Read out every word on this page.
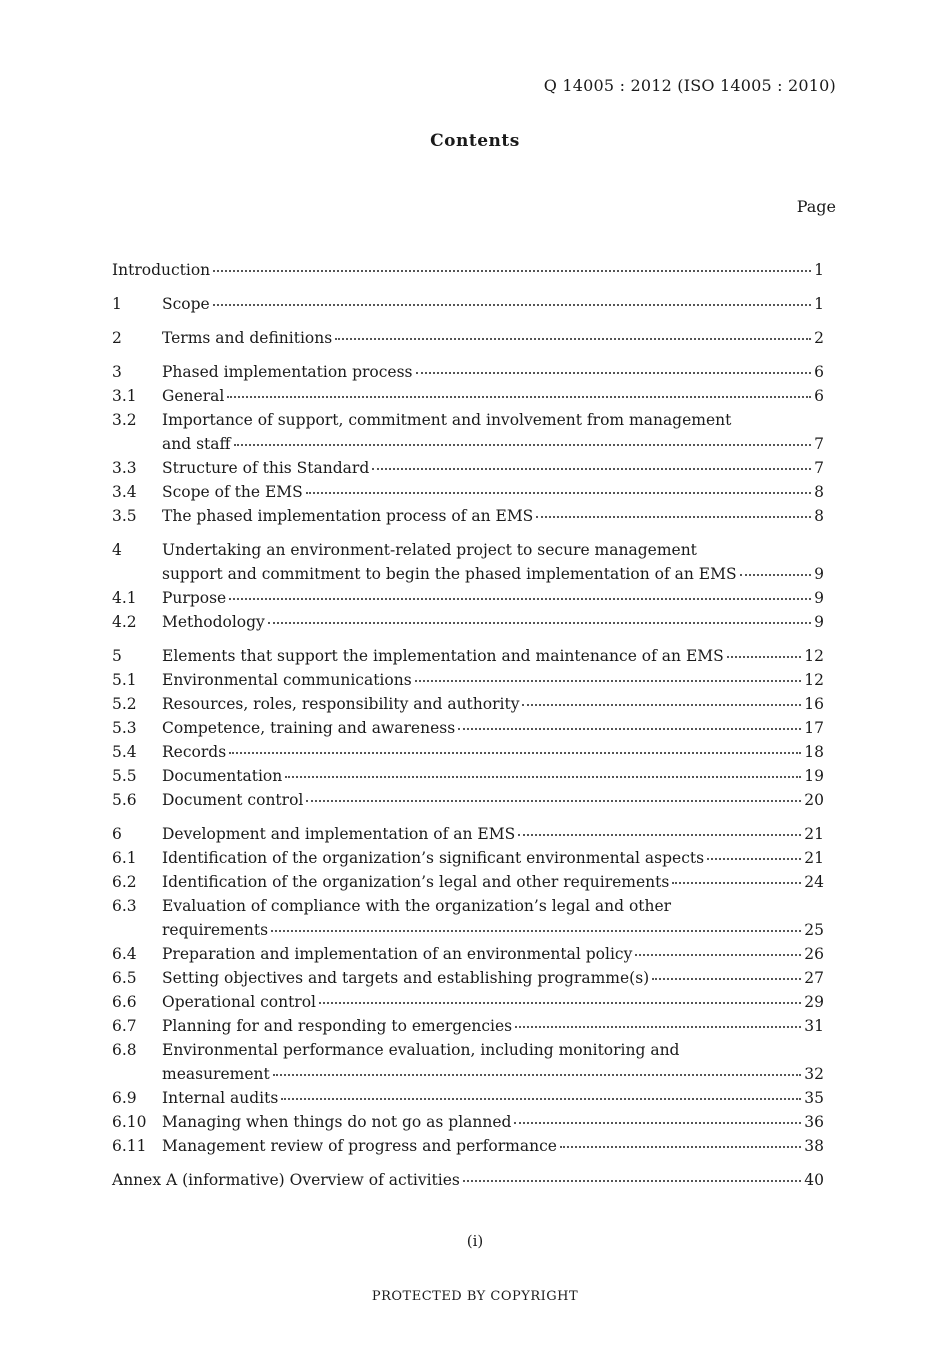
Q 14005 : 2012 (ISO 14005 : 2010)
Contents
Page
Introduction	1
1	Scope	1
2	Terms and definitions	2
3	Phased implementation process	6
3.1	General	6
3.2	Importance of support, commitment and involvement from management
and staff	7
3.3	Structure of this Standard	7
3.4	Scope of the EMS	8
3.5	The phased implementation process of an EMS	8
4	Undertaking an environment-related project to secure management
support and commitment to begin the phased implementation of an EMS	9
4.1	Purpose	9
4.2	Methodology	9
5	Elements that support the implementation and maintenance of an EMS	12
5.1	Environmental communications	12
5.2	Resources, roles, responsibility and authority	16
5.3	Competence, training and awareness	17
5.4	Records	18
5.5	Documentation	19
5.6	Document control	20
6	Development and implementation of an EMS	21
6.1	Identification of the organization’s significant environmental aspects	21
6.2	Identification of the organization’s legal and other requirements	24
6.3	Evaluation of compliance with the organization’s legal and other
requirements	25
6.4	Preparation and implementation of an environmental policy	26
6.5	Setting objectives and targets and establishing programme(s)	27
6.6	Operational control	29
6.7	Planning for and responding to emergencies	31
6.8	Environmental performance evaluation, including monitoring and
measurement	32
6.9	Internal audits	35
6.10 Managing when things do not go as planned	36
6.11 Management review of progress and performance	38
Annex A (informative) Overview of activities	40
(i)
PROTECTED BY COPYRIGHT
